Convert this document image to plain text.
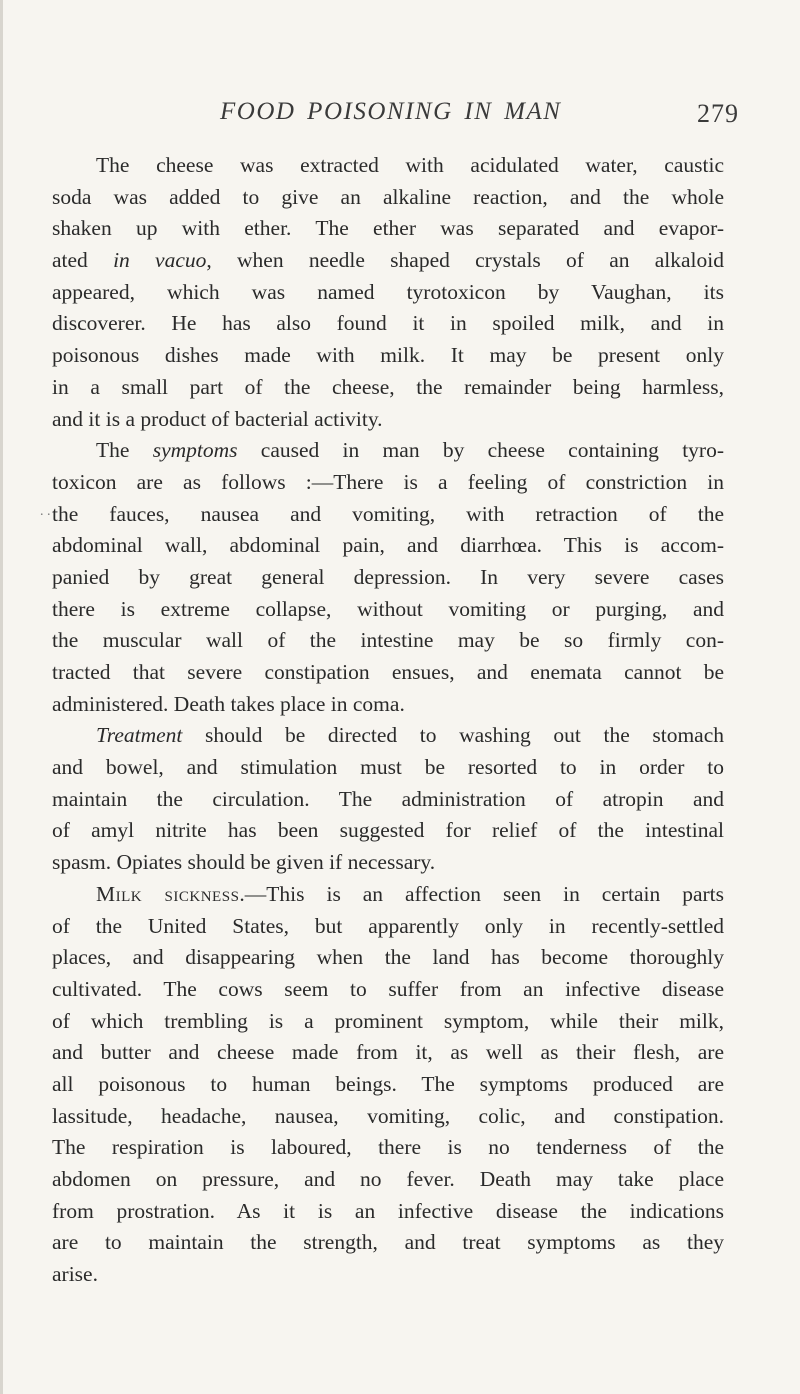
FOOD POISONING IN MAN	279
. .
The cheese was extracted with acidulated water, caustic
soda was added to give an alkaline reaction, and the whole
shaken up with ether. The ether was separated and evapor-
ated in vacuo, when needle shaped crystals of an alkaloid
appeared, which was named tyrotoxicon by Vaughan, its
discoverer. He has also found it in spoiled milk, and in
poisonous dishes made with milk. It may be present only
in a small part of the cheese, the remainder being harmless,
and it is a product of bacterial activity.
The symptoms caused in man by cheese containing tyro-
toxicon are as follows :—There is a feeling of constriction in
the fauces, nausea and vomiting, with retraction of the
abdominal wall, abdominal pain, and diarrhœa. This is accom-
panied by great general depression. In very severe cases
there is extreme collapse, without vomiting or purging, and
the muscular wall of the intestine may be so firmly con-
tracted that severe constipation ensues, and enemata cannot be
administered. Death takes place in coma.
Treatment should be directed to washing out the stomach
and bowel, and stimulation must be resorted to in order to
maintain the circulation. The administration of atropin and
of amyl nitrite has been suggested for relief of the intestinal
spasm. Opiates should be given if necessary.
Milk sickness.—This is an affection seen in certain parts
of the United States, but apparently only in recently-settled
places, and disappearing when the land has become thoroughly
cultivated. The cows seem to suffer from an infective disease
of which trembling is a prominent symptom, while their milk,
and butter and cheese made from it, as well as their flesh, are
all poisonous to human beings. The symptoms produced are
lassitude, headache, nausea, vomiting, colic, and constipation.
The respiration is laboured, there is no tenderness of the
abdomen on pressure, and no fever. Death may take place
from prostration. As it is an infective disease the indications
are to maintain the strength, and treat symptoms as they
arise.
